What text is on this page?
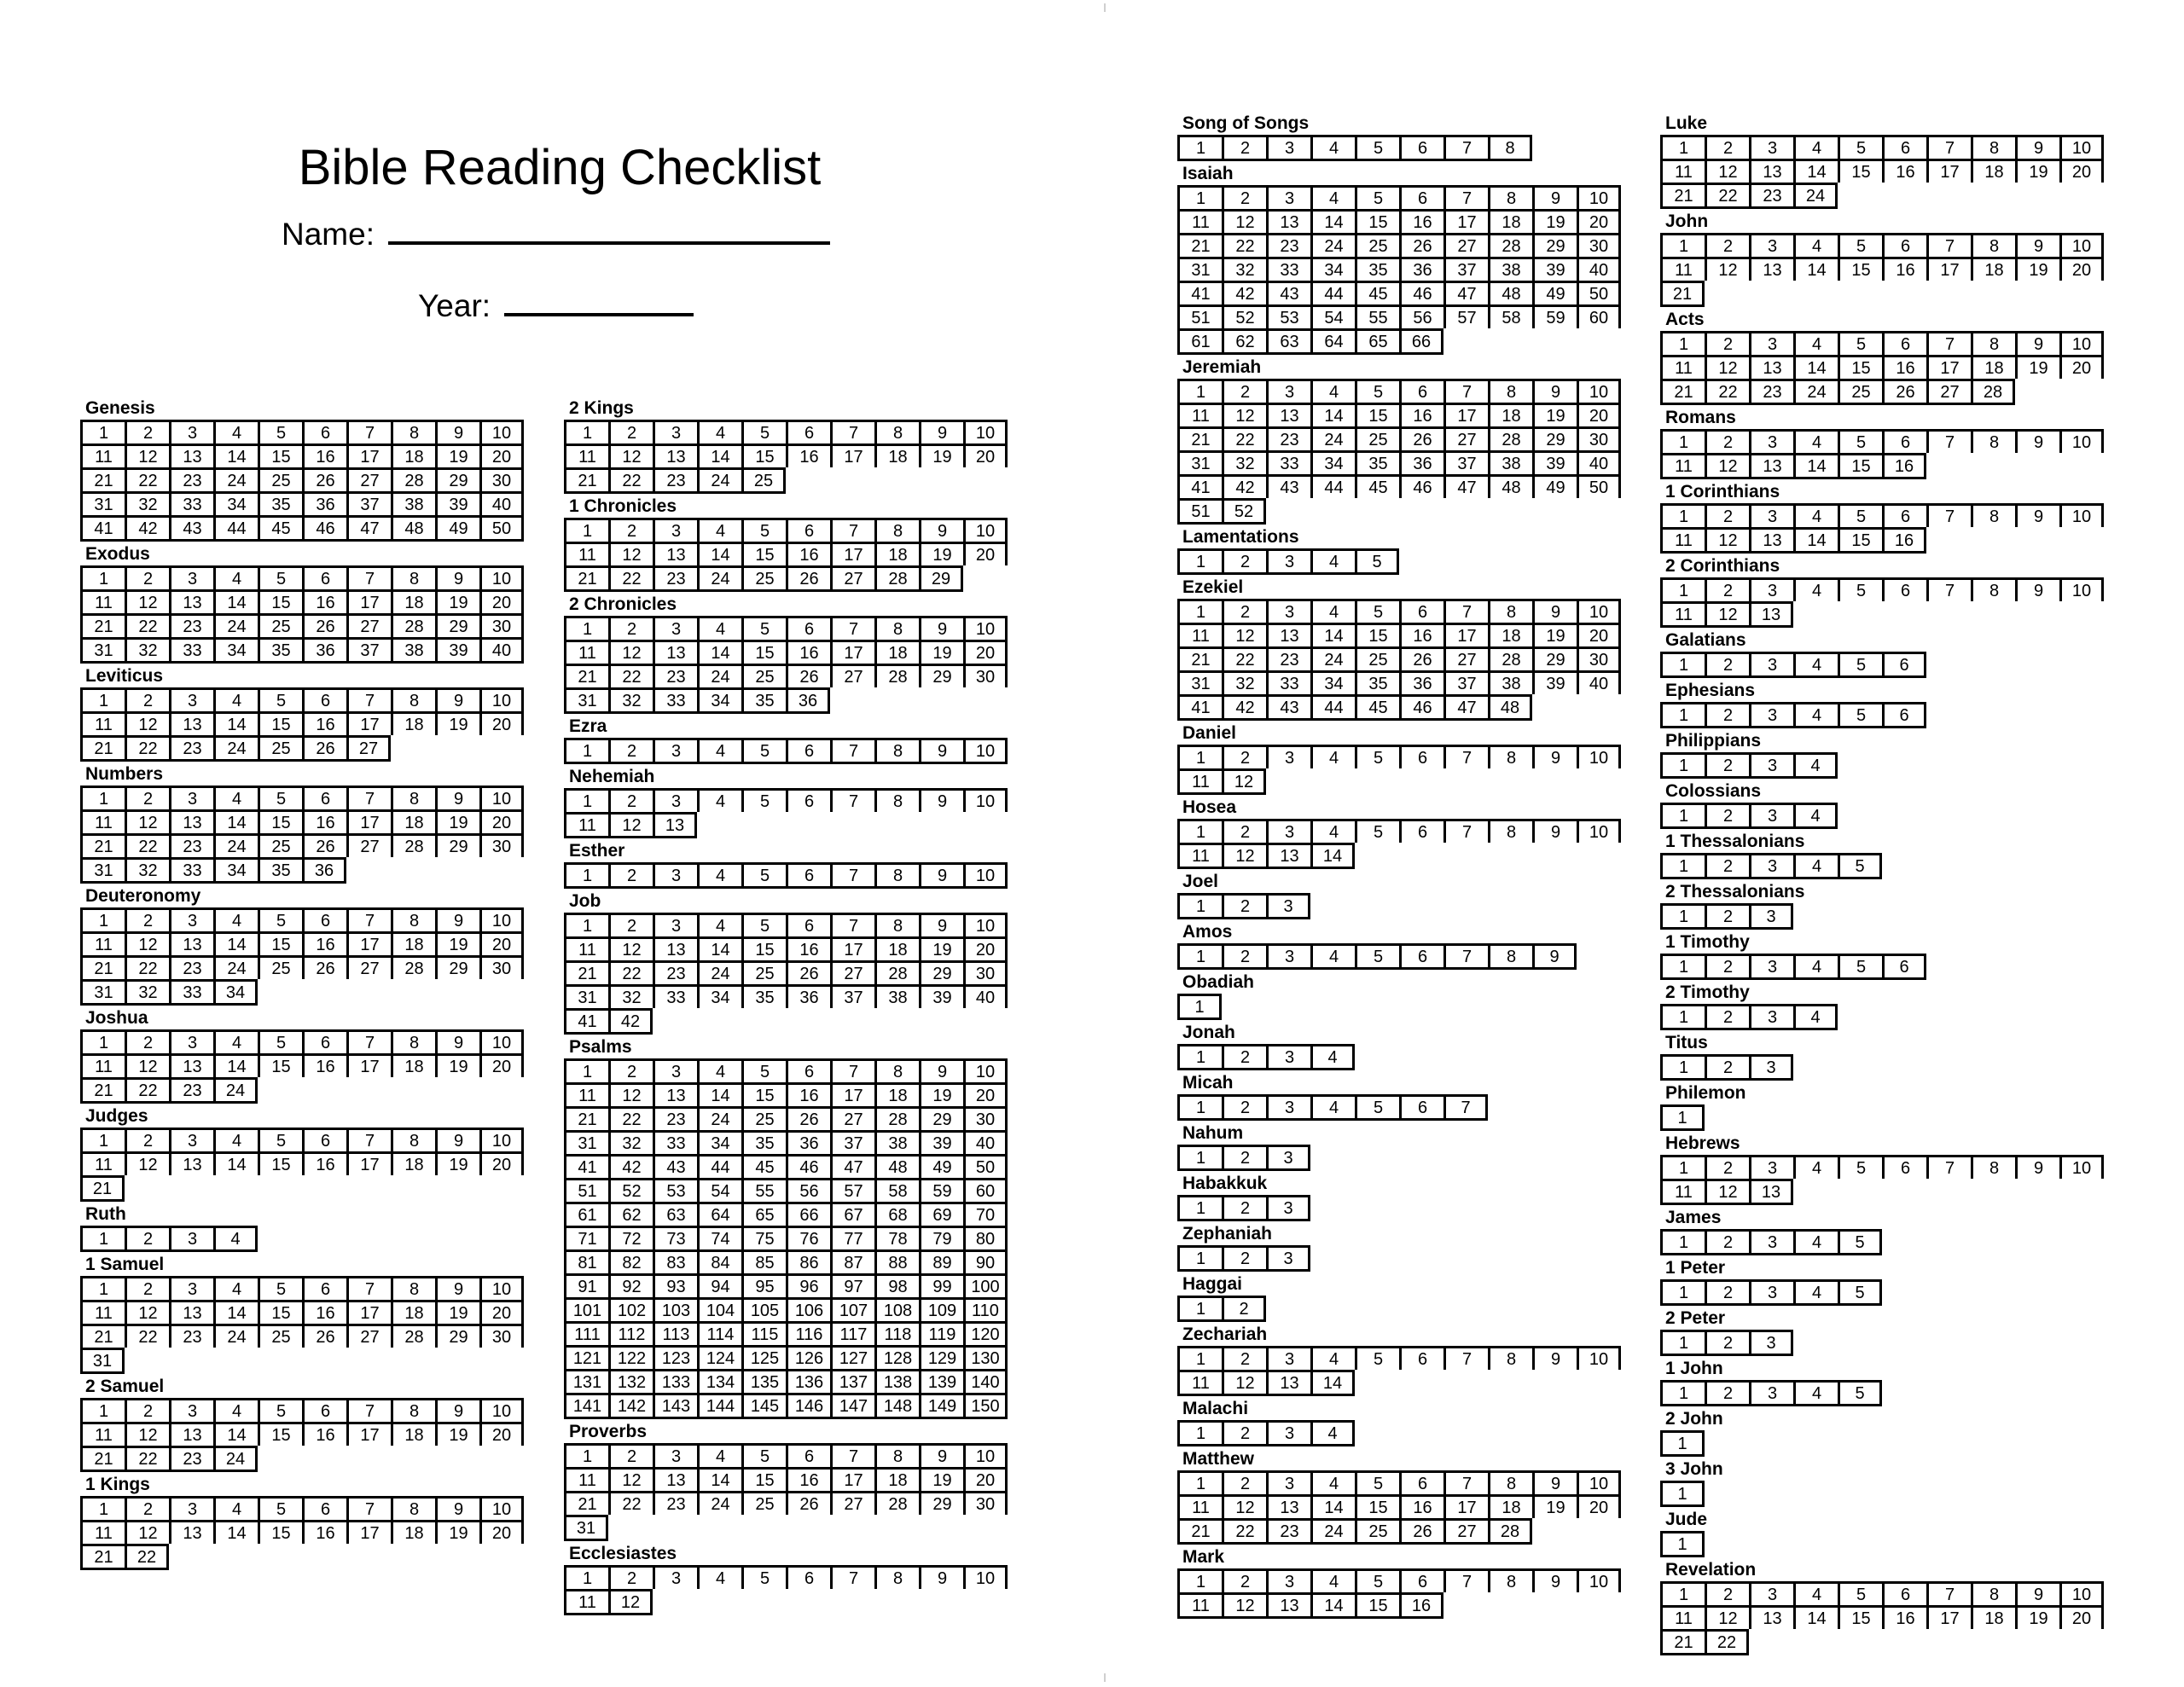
Bible Reading Checklist
Name:
Year:
Genesis
1	2	3	4	5	6	7	8	9	10
11	12	13	14	15	16	17	18	19	20
21	22	23	24	25	26	27	28	29	30
31	32	33	34	35	36	37	38	39	40
41	42	43	44	45	46	47	48	49	50
Exodus
1	2	3	4	5	6	7	8	9	10
11	12	13	14	15	16	17	18	19	20
21	22	23	24	25	26	27	28	29	30
31	32	33	34	35	36	37	38	39	40
Leviticus
1	2	3	4	5	6	7	8	9	10
11	12	13	14	15	16	17	18	19	20
21	22	23	24	25	26	27
Numbers
1	2	3	4	5	6	7	8	9	10
11	12	13	14	15	16	17	18	19	20
21	22	23	24	25	26	27	28	29	30
31	32	33	34	35	36
Deuteronomy
1	2	3	4	5	6	7	8	9	10
11	12	13	14	15	16	17	18	19	20
21	22	23	24	25	26	27	28	29	30
31	32	33	34
Joshua
1	2	3	4	5	6	7	8	9	10
11	12	13	14	15	16	17	18	19	20
21	22	23	24
Judges
1	2	3	4	5	6	7	8	9	10
11	12	13	14	15	16	17	18	19	20
21
Ruth
1	2	3	4
1 Samuel
1	2	3	4	5	6	7	8	9	10
11	12	13	14	15	16	17	18	19	20
21	22	23	24	25	26	27	28	29	30
31
2 Samuel
1	2	3	4	5	6	7	8	9	10
11	12	13	14	15	16	17	18	19	20
21	22	23	24
1 Kings
1	2	3	4	5	6	7	8	9	10
11	12	13	14	15	16	17	18	19	20
21	22
2 Kings
1	2	3	4	5	6	7	8	9	10
11	12	13	14	15	16	17	18	19	20
21	22	23	24	25
1 Chronicles
1	2	3	4	5	6	7	8	9	10
11	12	13	14	15	16	17	18	19	20
21	22	23	24	25	26	27	28	29
2 Chronicles
1	2	3	4	5	6	7	8	9	10
11	12	13	14	15	16	17	18	19	20
21	22	23	24	25	26	27	28	29	30
31	32	33	34	35	36
Ezra
1	2	3	4	5	6	7	8	9	10
Nehemiah
1	2	3	4	5	6	7	8	9	10
11	12	13
Esther
1	2	3	4	5	6	7	8	9	10
Job
1	2	3	4	5	6	7	8	9	10
11	12	13	14	15	16	17	18	19	20
21	22	23	24	25	26	27	28	29	30
31	32	33	34	35	36	37	38	39	40
41	42
Psalms
1	2	3	4	5	6	7	8	9	10
11	12	13	14	15	16	17	18	19	20
21	22	23	24	25	26	27	28	29	30
31	32	33	34	35	36	37	38	39	40
41	42	43	44	45	46	47	48	49	50
51	52	53	54	55	56	57	58	59	60
61	62	63	64	65	66	67	68	69	70
71	72	73	74	75	76	77	78	79	80
81	82	83	84	85	86	87	88	89	90
91	92	93	94	95	96	97	98	99	100
101 102 103 104 105 106 107 108 109 110
111	112	113	114	115	116	117	118	119 120
121 122 123 124 125 126 127 128 129 130
131 132 133 134 135 136 137 138 139 140
141 142 143 144 145 146 147 148 149 150
Proverbs
1	2	3	4	5	6	7	8	9	10
11	12	13	14	15	16	17	18	19	20
21	22	23	24	25	26	27	28	29	30
31
Ecclesiastes
1	2	3	4	5	6	7	8	9	10
11	12
Song of Songs
1	2	3	4	5	6	7	8
Isaiah
1	2	3	4	5	6	7	8	9	10
11	12	13	14	15	16	17	18	19	20
21	22	23	24	25	26	27	28	29	30
31	32	33	34	35	36	37	38	39	40
41	42	43	44	45	46	47	48	49	50
51	52	53	54	55	56	57	58	59	60
61	62	63	64	65	66
Jeremiah
1	2	3	4	5	6	7	8	9	10
11	12	13	14	15	16	17	18	19	20
21	22	23	24	25	26	27	28	29	30
31	32	33	34	35	36	37	38	39	40
41	42	43	44	45	46	47	48	49	50
51	52
Lamentations
1	2	3	4	5
Ezekiel
1	2	3	4	5	6	7	8	9	10
11	12	13	14	15	16	17	18	19	20
21	22	23	24	25	26	27	28	29	30
31	32	33	34	35	36	37	38	39	40
41	42	43	44	45	46	47	48
Daniel
1	2	3	4	5	6	7	8	9	10
11	12
Hosea
1	2	3	4	5	6	7	8	9	10
11	12	13	14
Joel
1	2	3
Amos
1	2	3	4	5	6	7	8	9
Obadiah
1
Jonah
1	2	3	4
Micah
1	2	3	4	5	6	7
Nahum
1	2	3
Habakkuk
1	2	3
Zephaniah
1	2	3
Haggai
1	2
Zechariah
1	2	3	4	5	6	7	8	9	10
11	12	13	14
Malachi
1	2	3	4
Matthew
1	2	3	4	5	6	7	8	9	10
11	12	13	14	15	16	17	18	19	20
21	22	23	24	25	26	27	28
Mark
1	2	3	4	5	6	7	8	9	10
11	12	13	14	15	16
Luke
1	2	3	4	5	6	7	8	9	10
11	12	13	14	15	16	17	18	19	20
21	22	23	24
John
1	2	3	4	5	6	7	8	9	10
11	12	13	14	15	16	17	18	19	20
21
Acts
1	2	3	4	5	6	7	8	9	10
11	12	13	14	15	16	17	18	19	20
21	22	23	24	25	26	27	28
Romans
1	2	3	4	5	6	7	8	9	10
11	12	13	14	15	16
1 Corinthians
1	2	3	4	5	6	7	8	9	10
11	12	13	14	15	16
2 Corinthians
1	2	3	4	5	6	7	8	9	10
11	12	13
Galatians
1	2	3	4	5	6
Ephesians
1	2	3	4	5	6
Philippians
1	2	3	4
Colossians
1	2	3	4
1 Thessalonians
1	2	3	4	5
2 Thessalonians
1	2	3
1 Timothy
1	2	3	4	5	6
2 Timothy
1	2	3	4
Titus
1	2	3
Philemon
1
Hebrews
1	2	3	4	5	6	7	8	9	10
11	12	13
James
1	2	3	4	5
1 Peter
1	2	3	4	5
2 Peter
1	2	3
1 John
1	2	3	4	5
2 John
1
3 John
1
Jude
1
Revelation
1	2	3	4	5	6	7	8	9	10
11	12	13	14	15	16	17	18	19	20
21	22
